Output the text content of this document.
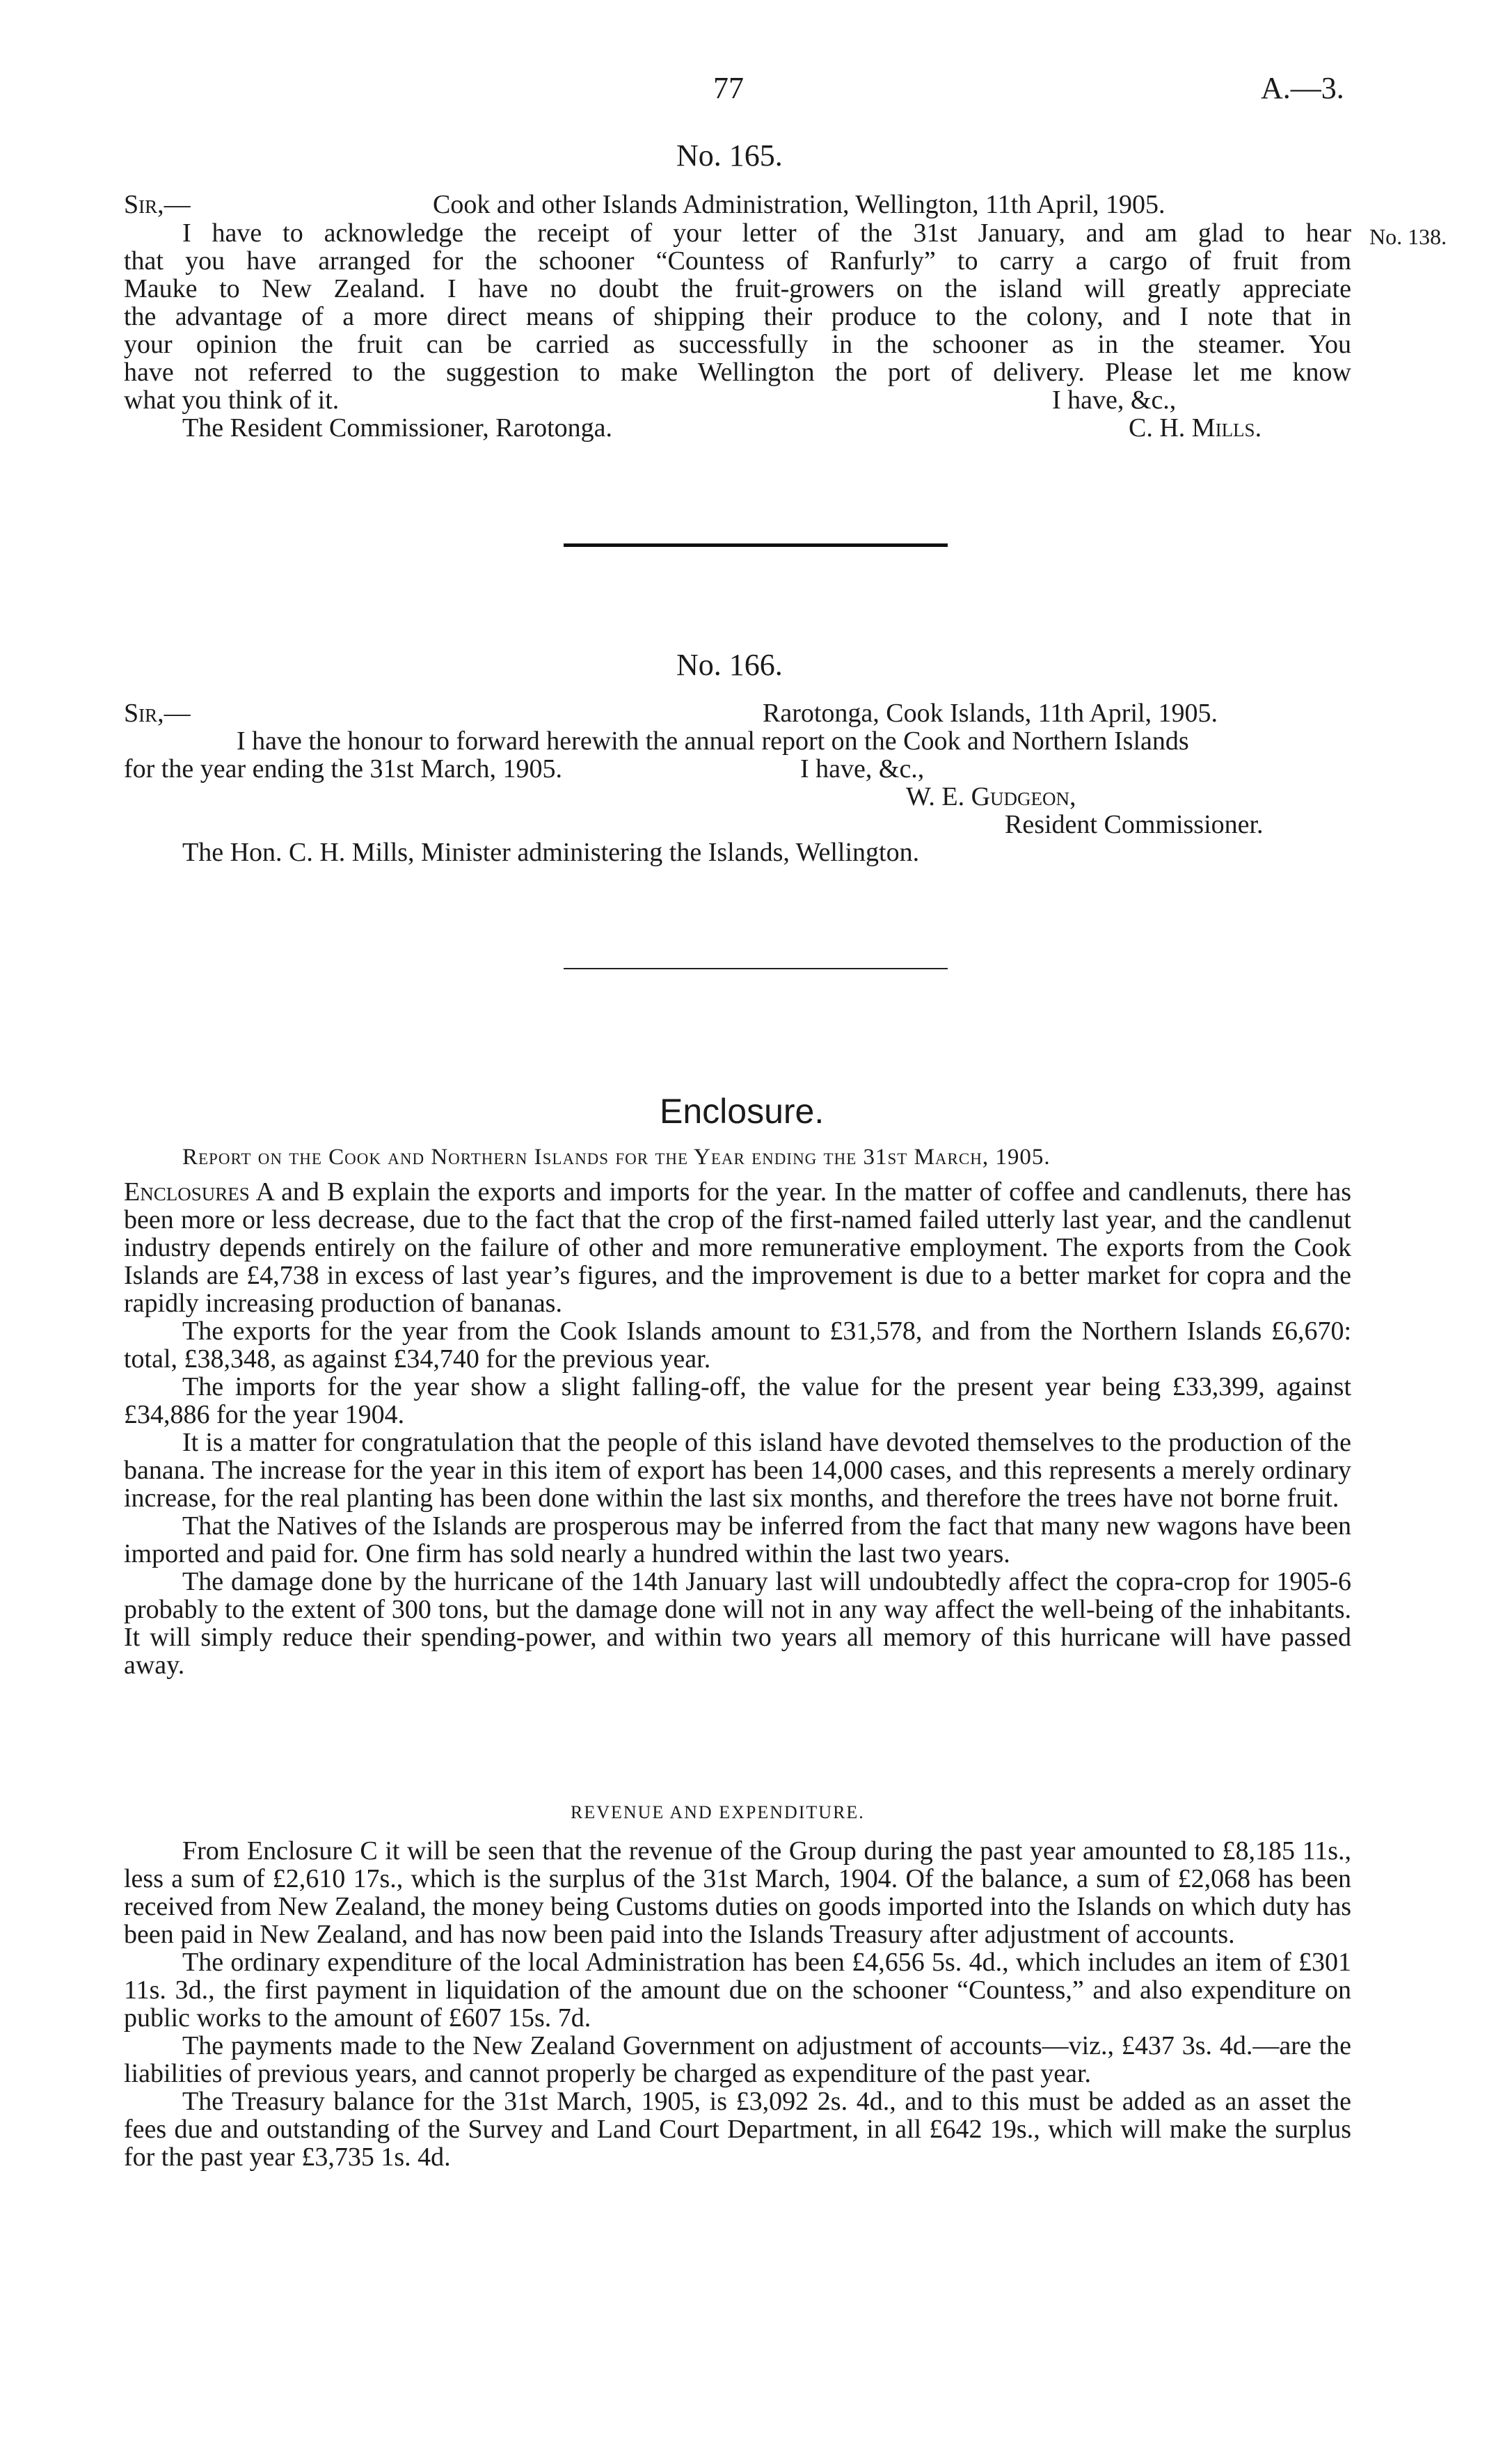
77	A.—3.
No. 165.
Sir,—	Cook and other Islands Administration, Wellington, 11th April, 1905.

I have to acknowledge the receipt of your letter of the 31st January, and am glad to hear

that you have arranged for the schooner “Countess of Ranfurly” to carry a cargo of fruit from

Mauke to New Zealand. I have no doubt the fruit-growers on the island will greatly appreciate

the advantage of a more direct means of shipping their produce to the colony, and I note that in

your opinion the fruit can be carried as successfully in the schooner as in the steamer. You

have not referred to the suggestion to make Wellington the port of delivery. Please let me know

what you think of it.

No. 138.
I have, &c.,
The Resident Commissioner, Rarotonga.	C. H. Mills.
No. 166.
Sir,—	Rarotonga, Cook Islands, 11th April, 1905.
I have the honour to forward herewith the annual report on the Cook and Northern Islands
for the year ending the 31st March, 1905.	I have, &c.,
W. E. Gudgeon,
Resident Commissioner.
The Hon. C. H. Mills, Minister administering the Islands, Wellington.
Enclosure.
Report on the Cook and Northern Islands for the Year ending the 31st March, 1905.

Enclosures A and B explain the exports and imports for the year. In the matter of coffee and candlenuts, there has been more or less decrease, due to the fact that the crop of the first-named failed utterly last year, and the candlenut industry depends entirely on the failure of other and more remunerative employment. The exports from the Cook Islands are £4,738 in excess of last year’s figures, and the improvement is due to a better market for copra and the rapidly increasing production of bananas.

The exports for the year from the Cook Islands amount to £31,578, and from the Northern Islands £6,670: total, £38,348, as against £34,740 for the previous year.

The imports for the year show a slight falling-off, the value for the present year being £33,399, against £34,886 for the year 1904.

It is a matter for congratulation that the people of this island have devoted themselves to the production of the banana. The increase for the year in this item of export has been 14,000 cases, and this represents a merely ordinary increase, for the real planting has been done within the last six months, and therefore the trees have not borne fruit.

That the Natives of the Islands are prosperous may be inferred from the fact that many new wagons have been imported and paid for. One firm has sold nearly a hundred within the last two years.

The damage done by the hurricane of the 14th January last will undoubtedly affect the copra-crop for 1905-6 probably to the extent of 300 tons, but the damage done will not in any way affect the well-being of the inhabitants. It will simply reduce their spending-power, and within two years all memory of this hurricane will have passed away.

REVENUE AND EXPENDITURE.

From Enclosure C it will be seen that the revenue of the Group during the past year amounted to £8,185 11s., less a sum of £2,610 17s., which is the surplus of the 31st March, 1904. Of the balance, a sum of £2,068 has been received from New Zealand, the money being Customs duties on goods imported into the Islands on which duty has been paid in New Zealand, and has now been paid into the Islands Treasury after adjustment of accounts.

The ordinary expenditure of the local Administration has been £4,656 5s. 4d., which includes an item of £301 11s. 3d., the first payment in liquidation of the amount due on the schooner “Countess,” and also expenditure on public works to the amount of £607 15s. 7d.

The payments made to the New Zealand Government on adjustment of accounts—viz., £437 3s. 4d.—are the liabilities of previous years, and cannot properly be charged as expenditure of the past year.

The Treasury balance for the 31st March, 1905, is £3,092 2s. 4d., and to this must be added as an asset the fees due and outstanding of the Survey and Land Court Department, in all £642 19s., which will make the surplus for the past year £3,735 1s. 4d.
